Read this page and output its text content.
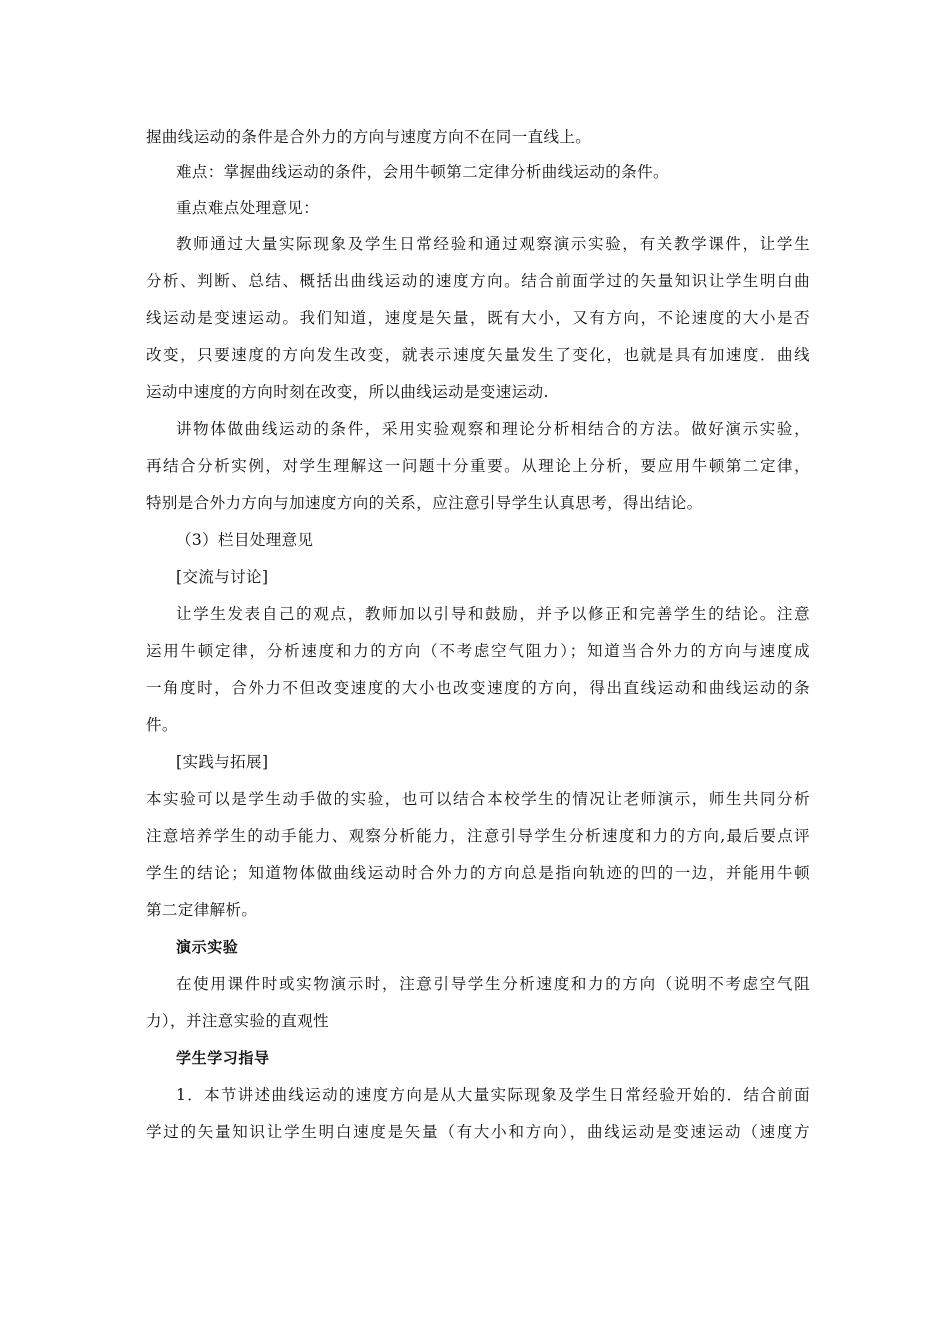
握曲线运动的条件是合外力的方向与速度方向不在同一直线上。
难点：掌握曲线运动的条件，会用牛顿第二定律分析曲线运动的条件。
重点难点处理意见：
教师通过大量实际现象及学生日常经验和通过观察演示实验，有关教学课件，让学生
分析、判断、总结、概括出曲线运动的速度方向。结合前面学过的矢量知识让学生明白曲
线运动是变速运动。我们知道，速度是矢量，既有大小，又有方向，不论速度的大小是否
改变，只要速度的方向发生改变，就表示速度矢量发生了变化，也就是具有加速度．曲线
运动中速度的方向时刻在改变，所以曲线运动是变速运动.
讲物体做曲线运动的条件，采用实验观察和理论分析相结合的方法。做好演示实验，
再结合分析实例，对学生理解这一问题十分重要。从理论上分析，要应用牛顿第二定律，
特别是合外力方向与加速度方向的关系，应注意引导学生认真思考，得出结论。
（3）栏目处理意见
[交流与讨论]
让学生发表自己的观点，教师加以引导和鼓励，并予以修正和完善学生的结论。注意
运用牛顿定律，分析速度和力的方向（不考虑空气阻力）；知道当合外力的方向与速度成
一角度时，合外力不但改变速度的大小也改变速度的方向，得出直线运动和曲线运动的条
件。
[实践与拓展]
本实验可以是学生动手做的实验，也可以结合本校学生的情况让老师演示，师生共同分析
注意培养学生的动手能力、观察分析能力，注意引导学生分析速度和力的方向,最后要点评
学生的结论；知道物体做曲线运动时合外力的方向总是指向轨迹的凹的一边，并能用牛顿
第二定律解析。
演示实验
在使用课件时或实物演示时，注意引导学生分析速度和力的方向（说明不考虑空气阻
力），并注意实验的直观性
学生学习指导
1．本节讲述曲线运动的速度方向是从大量实际现象及学生日常经验开始的．结合前面
学过的矢量知识让学生明白速度是矢量（有大小和方向），曲线运动是变速运动（速度方
